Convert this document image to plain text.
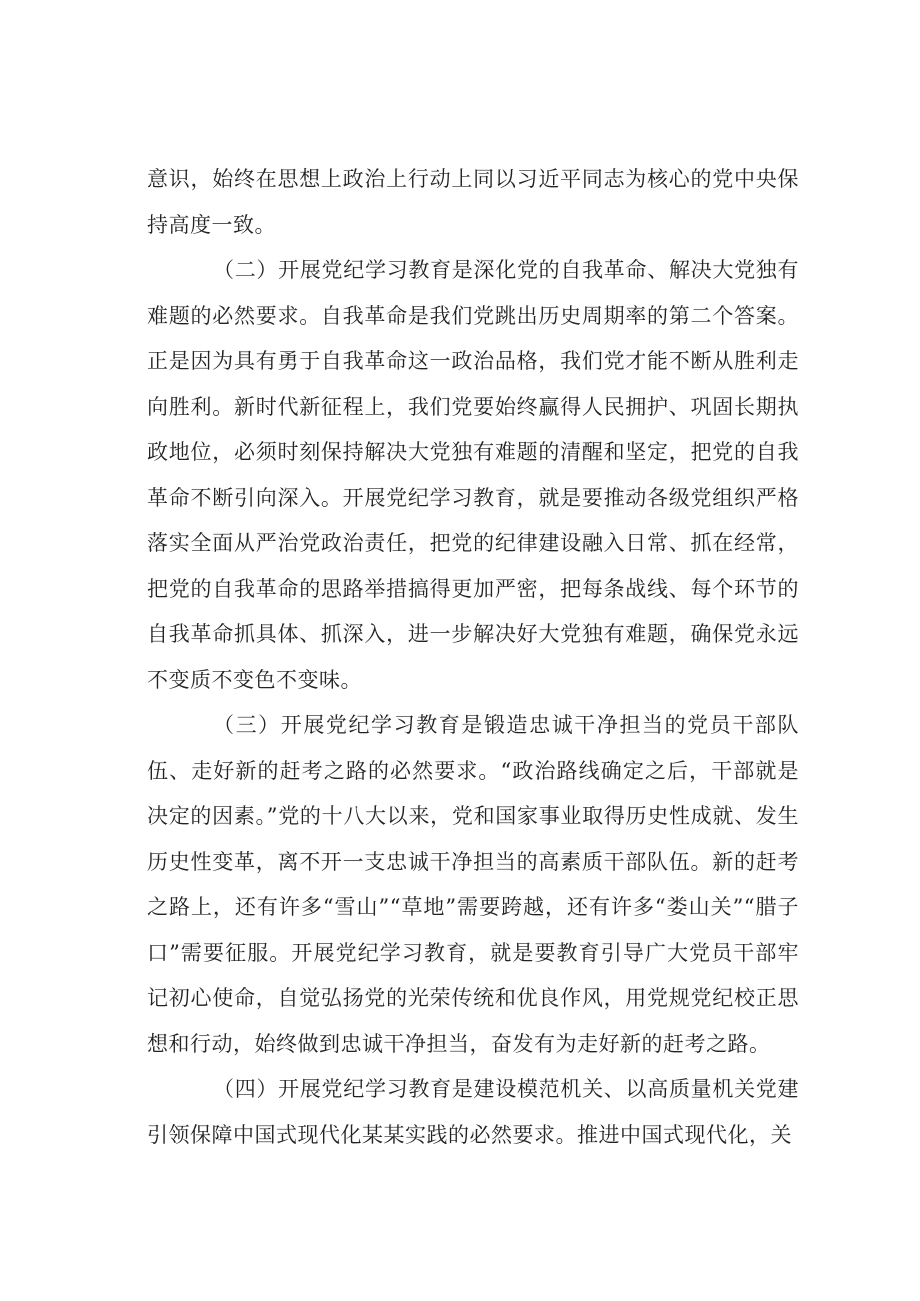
意识，始终在思想上政治上行动上同以习近平同志为核心的党中央保持高度一致。

（二）开展党纪学习教育是深化党的自我革命、解决大党独有难题的必然要求。自我革命是我们党跳出历史周期率的第二个答案。正是因为具有勇于自我革命这一政治品格，我们党才能不断从胜利走向胜利。新时代新征程上，我们党要始终赢得人民拥护、巩固长期执政地位，必须时刻保持解决大党独有难题的清醒和坚定，把党的自我革命不断引向深入。开展党纪学习教育，就是要推动各级党组织严格落实全面从严治党政治责任，把党的纪律建设融入日常、抓在经常，把党的自我革命的思路举措搞得更加严密，把每条战线、每个环节的自我革命抓具体、抓深入，进一步解决好大党独有难题，确保党永远不变质不变色不变味。

（三）开展党纪学习教育是锻造忠诚干净担当的党员干部队伍、走好新的赶考之路的必然要求。“政治路线确定之后，干部就是决定的因素。”党的十八大以来，党和国家事业取得历史性成就、发生历史性变革，离不开一支忠诚干净担当的高素质干部队伍。新的赶考之路上，还有许多“雪山”“草地”需要跨越，还有许多“娄山关”“腊子口”需要征服。开展党纪学习教育，就是要教育引导广大党员干部牢记初心使命，自觉弘扬党的光荣传统和优良作风，用党规党纪校正思想和行动，始终做到忠诚干净担当，奋发有为走好新的赶考之路。

（四）开展党纪学习教育是建设模范机关、以高质量机关党建引领保障中国式现代化某某实践的必然要求。推进中国式现代化，关
